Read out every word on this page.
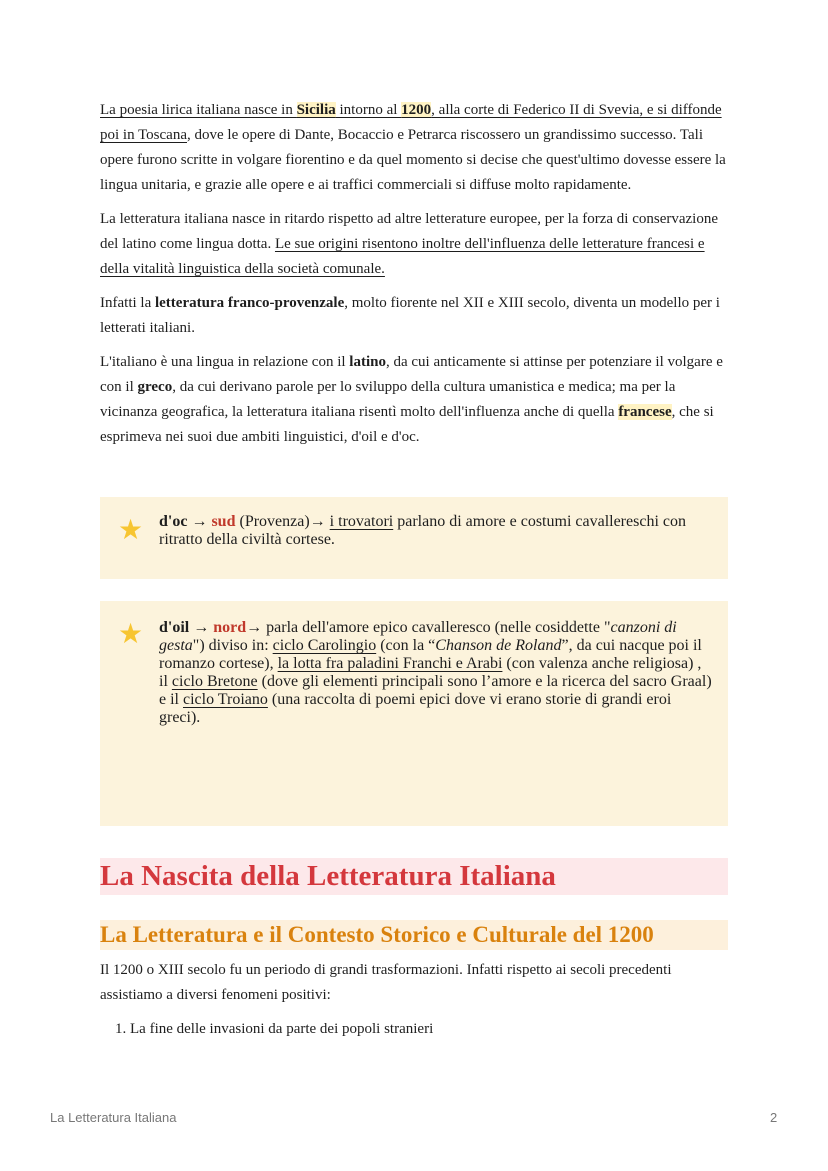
La poesia lirica italiana nasce in Sicilia intorno al 1200, alla corte di Federico II di Svevia, e si diffonde poi in Toscana, dove le opere di Dante, Bocaccio e Petrarca riscossero un grandissimo successo. Tali opere furono scritte in volgare fiorentino e da quel momento si decise che quest'ultimo dovesse essere la lingua unitaria, e grazie alle opere e ai traffici commerciali si diffuse molto rapidamente.

La letteratura italiana nasce in ritardo rispetto ad altre letterature europee, per la forza di conservazione del latino come lingua dotta. Le sue origini risentono inoltre dell'influenza delle letterature francesi e della vitalità linguistica della società comunale.

Infatti la letteratura franco-provenzale, molto fiorente nel XII e XIII secolo, diventa un modello per i letterati italiani.

L'italiano è una lingua in relazione con il latino, da cui anticamente si attinse per potenziare il volgare e con il greco, da cui derivano parole per lo sviluppo della cultura umanistica e medica; ma per la vicinanza geografica, la letteratura italiana risentì molto dell'influenza anche di quella francese, che si esprimeva nei suoi due ambiti linguistici, d'oil e d'oc.

★ d'oc → sud (Provenza)→ i trovatori parlano di amore e costumi cavallereschi con ritratto della civiltà cortese.
★ d'oil → nord→ parla dell'amore epico cavalleresco (nelle cosiddette "canzoni di gesta") diviso in: ciclo Carolingio (con la “Chanson de Roland”, da cui nacque poi il romanzo cortese), la lotta fra paladini Franchi e Arabi (con valenza anche religiosa) , il ciclo Bretone (dove gli elementi principali sono l’amore e la ricerca del sacro Graal) e il ciclo Troiano (una raccolta di poemi epici dove vi erano storie di grandi eroi greci).
La Nascita della Letteratura Italiana
La Letteratura e il Contesto Storico e Culturale del 1200

Il 1200 o XIII secolo fu un periodo di grandi trasformazioni. Infatti rispetto ai secoli precedenti assistiamo a diversi fenomeni positivi:

1. La fine delle invasioni da parte dei popoli stranieri
La Letteratura Italiana	2
